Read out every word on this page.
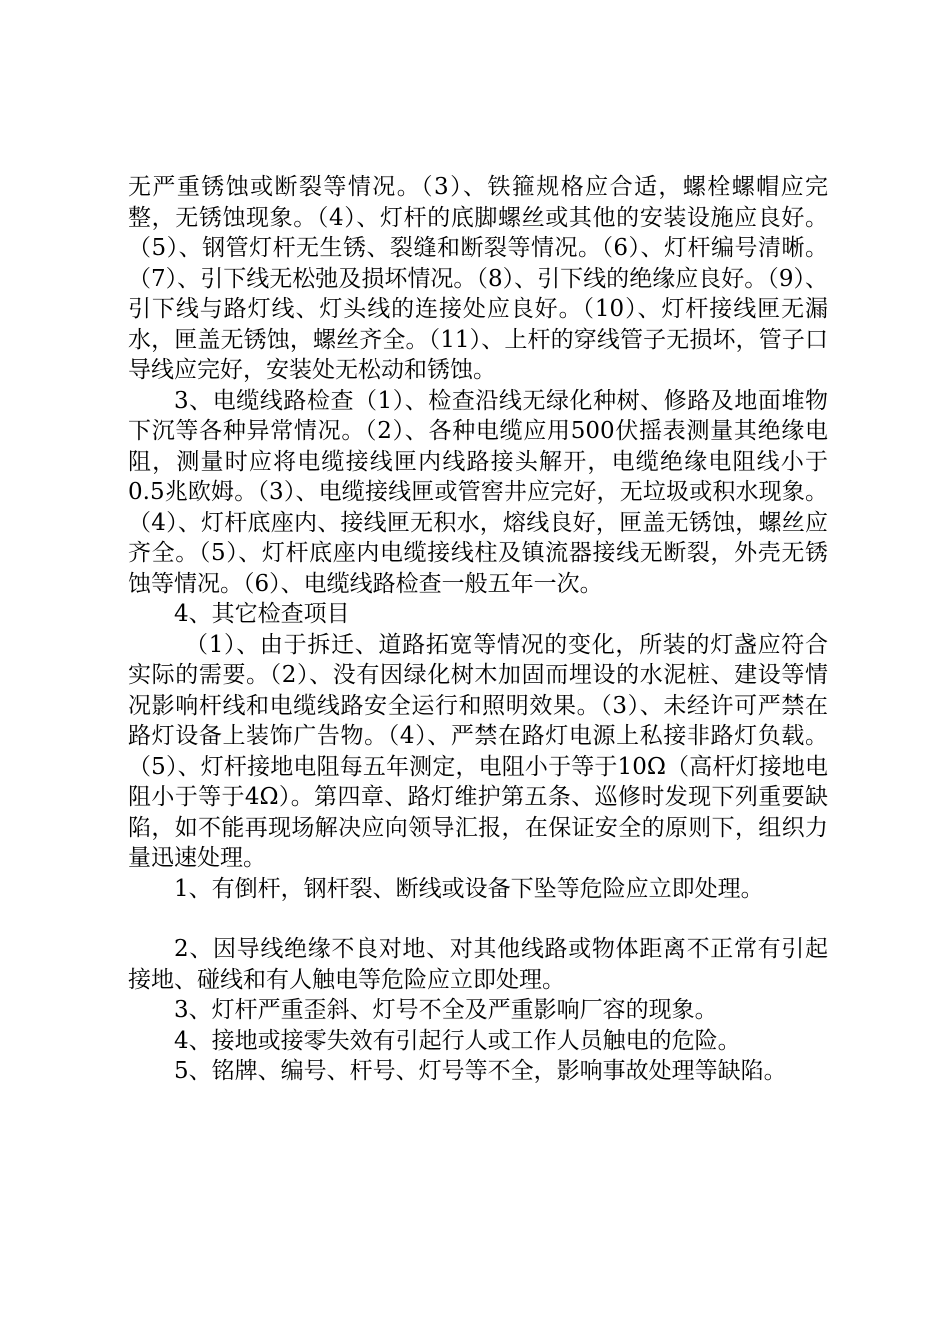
无严重锈蚀或断裂等情况。（3）、铁箍规格应合适，螺栓螺帽应完整，无锈蚀现象。（4）、灯杆的底脚螺丝或其他的安装设施应良好。（5）、钢管灯杆无生锈、裂缝和断裂等情况。（6）、灯杆编号清晰。（7）、引下线无松弛及损坏情况。（8）、引下线的绝缘应良好。（9）、引下线与路灯线、灯头线的连接处应良好。（10）、灯杆接线匣无漏水，匣盖无锈蚀，螺丝齐全。（11）、上杆的穿线管子无损坏，管子口导线应完好，安装处无松动和锈蚀。

3、电缆线路检查（1）、检查沿线无绿化种树、修路及地面堆物下沉等各种异常情况。（2）、各种电缆应用500伏摇表测量其绝缘电阻，测量时应将电缆接线匣内线路接头解开，电缆绝缘电阻线小于0.5兆欧姆。（3）、电缆接线匣或管窖井应完好，无垃圾或积水现象。（4）、灯杆底座内、接线匣无积水，熔线良好，匣盖无锈蚀，螺丝应齐全。（5）、灯杆底座内电缆接线柱及镇流器接线无断裂，外壳无锈蚀等情况。（6）、电缆线路检查一般五年一次。

4、其它检查项目

（1）、由于拆迁、道路拓宽等情况的变化，所装的灯盏应符合实际的需要。（2）、没有因绿化树木加固而埋设的水泥桩、建设等情况影响杆线和电缆线路安全运行和照明效果。（3）、未经许可严禁在路灯设备上装饰广告物。（4）、严禁在路灯电源上私接非路灯负载。（5）、灯杆接地电阻每五年测定，电阻小于等于10Ω（高杆灯接地电阻小于等于4Ω）。第四章、路灯维护第五条、巡修时发现下列重要缺陷，如不能再现场解决应向领导汇报，在保证安全的原则下，组织力量迅速处理。

1、有倒杆，钢杆裂、断线或设备下坠等危险应立即处理。

2、因导线绝缘不良对地、对其他线路或物体距离不正常有引起接地、碰线和有人触电等危险应立即处理。

3、灯杆严重歪斜、灯号不全及严重影响厂容的现象。

4、接地或接零失效有引起行人或工作人员触电的危险。

5、铭牌、编号、杆号、灯号等不全，影响事故处理等缺陷。
